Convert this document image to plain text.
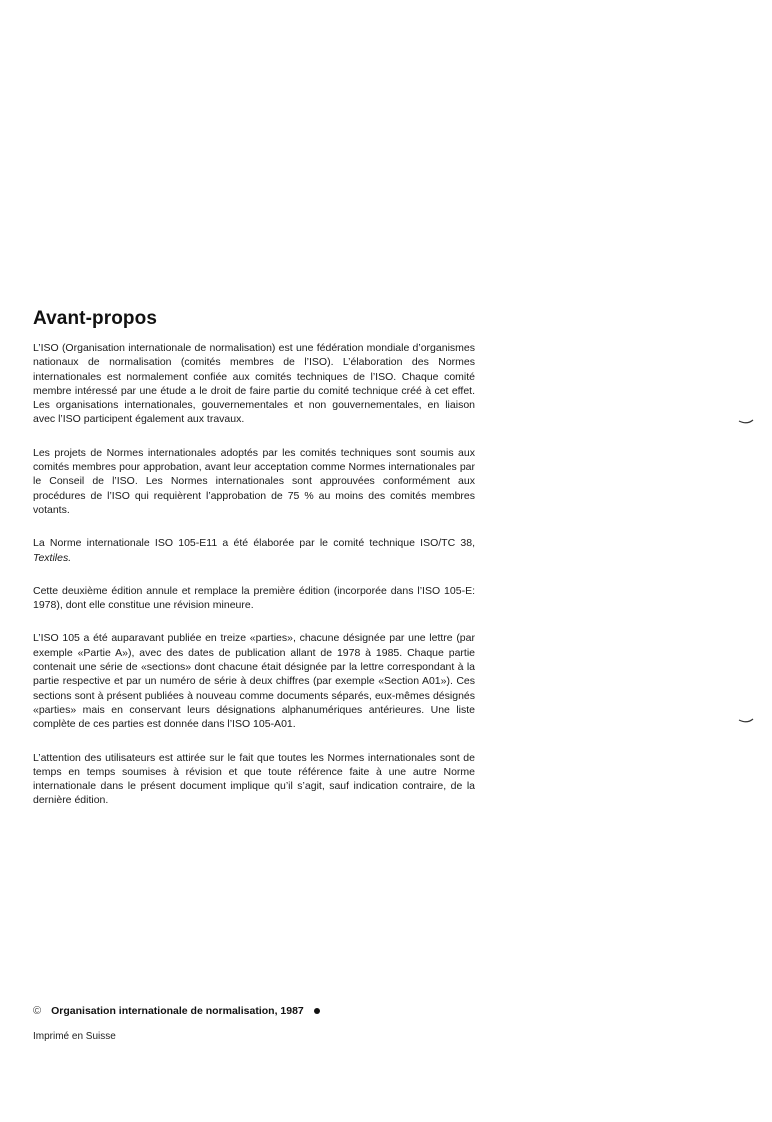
Avant-propos

L’ISO (Organisation internationale de normalisation) est une fédération mondiale d’organismes nationaux de normalisation (comités membres de l’ISO). L’élaboration des Normes internationales est normalement confiée aux comités techniques de l’ISO. Chaque comité membre intéressé par une étude a le droit de faire partie du comité technique créé à cet effet. Les organisations internationales, gouvernementales et non gouvernementales, en liaison avec l’ISO participent également aux travaux.

Les projets de Normes internationales adoptés par les comités techniques sont soumis aux comités membres pour approbation, avant leur acceptation comme Normes internationales par le Conseil de l’ISO. Les Normes internationales sont approuvées conformément aux procédures de l’ISO qui requièrent l’approbation de 75 % au moins des comités membres votants.

La Norme internationale ISO 105-E11 a été élaborée par le comité technique ISO/TC 38, Textiles.

Cette deuxième édition annule et remplace la première édition (incorporée dans l’ISO 105-E: 1978), dont elle constitue une révision mineure.

L’ISO 105 a été auparavant publiée en treize «parties», chacune désignée par une lettre (par exemple «Partie A»), avec des dates de publication allant de 1978 à 1985. Chaque partie contenait une série de «sections» dont chacune était désignée par la lettre correspondant à la partie respective et par un numéro de série à deux chiffres (par exemple «Section A01»). Ces sections sont à présent publiées à nouveau comme documents séparés, eux-mêmes désignés «parties» mais en conservant leurs désignations alphanumériques antérieures. Une liste complète de ces parties est donnée dans l’ISO 105-A01.

L’attention des utilisateurs est attirée sur le fait que toutes les Normes internationales sont de temps en temps soumises à révision et que toute référence faite à une autre Norme internationale dans le présent document implique qu’il s’agit, sauf indication contraire, de la dernière édition.

© Organisation internationale de normalisation, 1987
Imprimé en Suisse
